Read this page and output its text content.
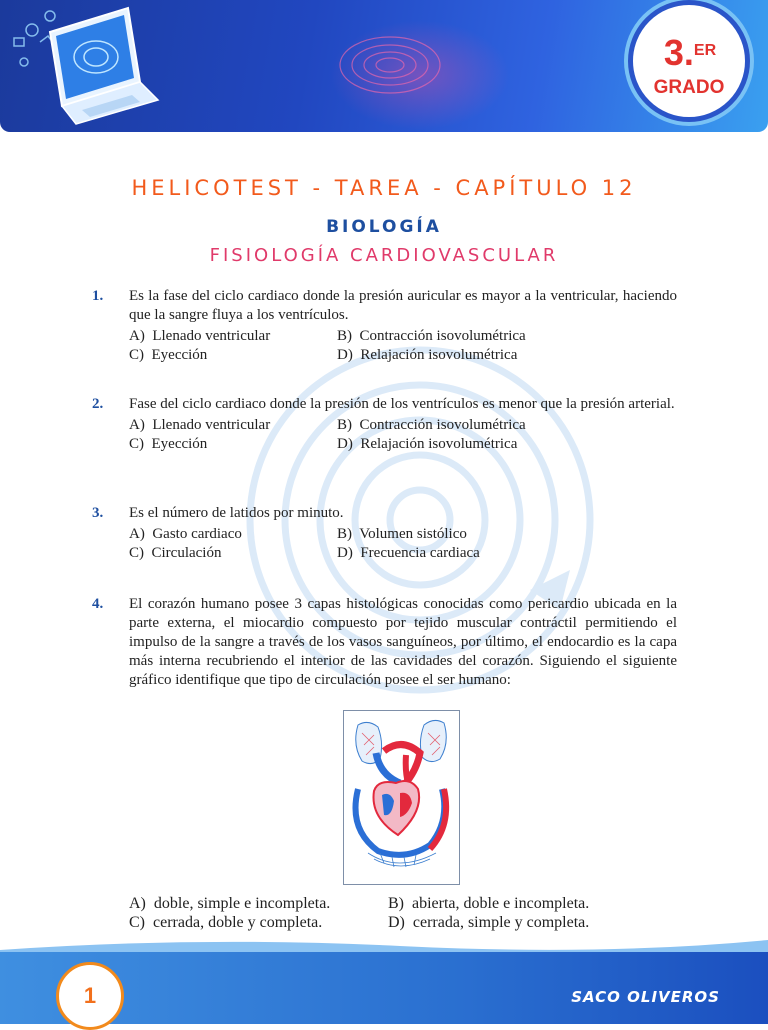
3.$^{ER}$
GRADO
HELICOTEST - TAREA - CAPÍTULO 12
BIOLOGÍA
FISIOLOGÍA CARDIOVASCULAR
1. Es la fase del ciclo cardiaco donde la presión auricular es mayor a la ventricular, haciendo que la sangre fluya a los ventrículos.
A) Llenado ventricular	B) Contracción isovolumétrica
C) Eyección	D) Relajación isovolumétrica
2. Fase del ciclo cardiaco donde la presión de los ventrículos es menor que la presión arterial.
A) Llenado ventricular	B) Contracción isovolumétrica
C) Eyección	D) Relajación isovolumétrica
3. Es el número de latidos por minuto.
A) Gasto cardiaco	B) Volumen sistólico
C) Circulación	D) Frecuencia cardiaca
4. El corazón humano posee 3 capas histológicas conocidas como pericardio ubicada en la parte externa, el miocardio compuesto por tejido muscular contráctil permitiendo el impulso de la sangre a través de los vasos sanguíneos, por último, el endocardio es la capa más interna recubriendo el interior de las cavidades del corazón. Siguiendo el siguiente gráfico identifique que tipo de circulación posee el ser humano:
A) doble, simple e incompleta.	B) abierta, doble e incompleta.
C) cerrada, doble y completa.	D) cerrada, simple y completa.
1	SACO OLIVEROS
